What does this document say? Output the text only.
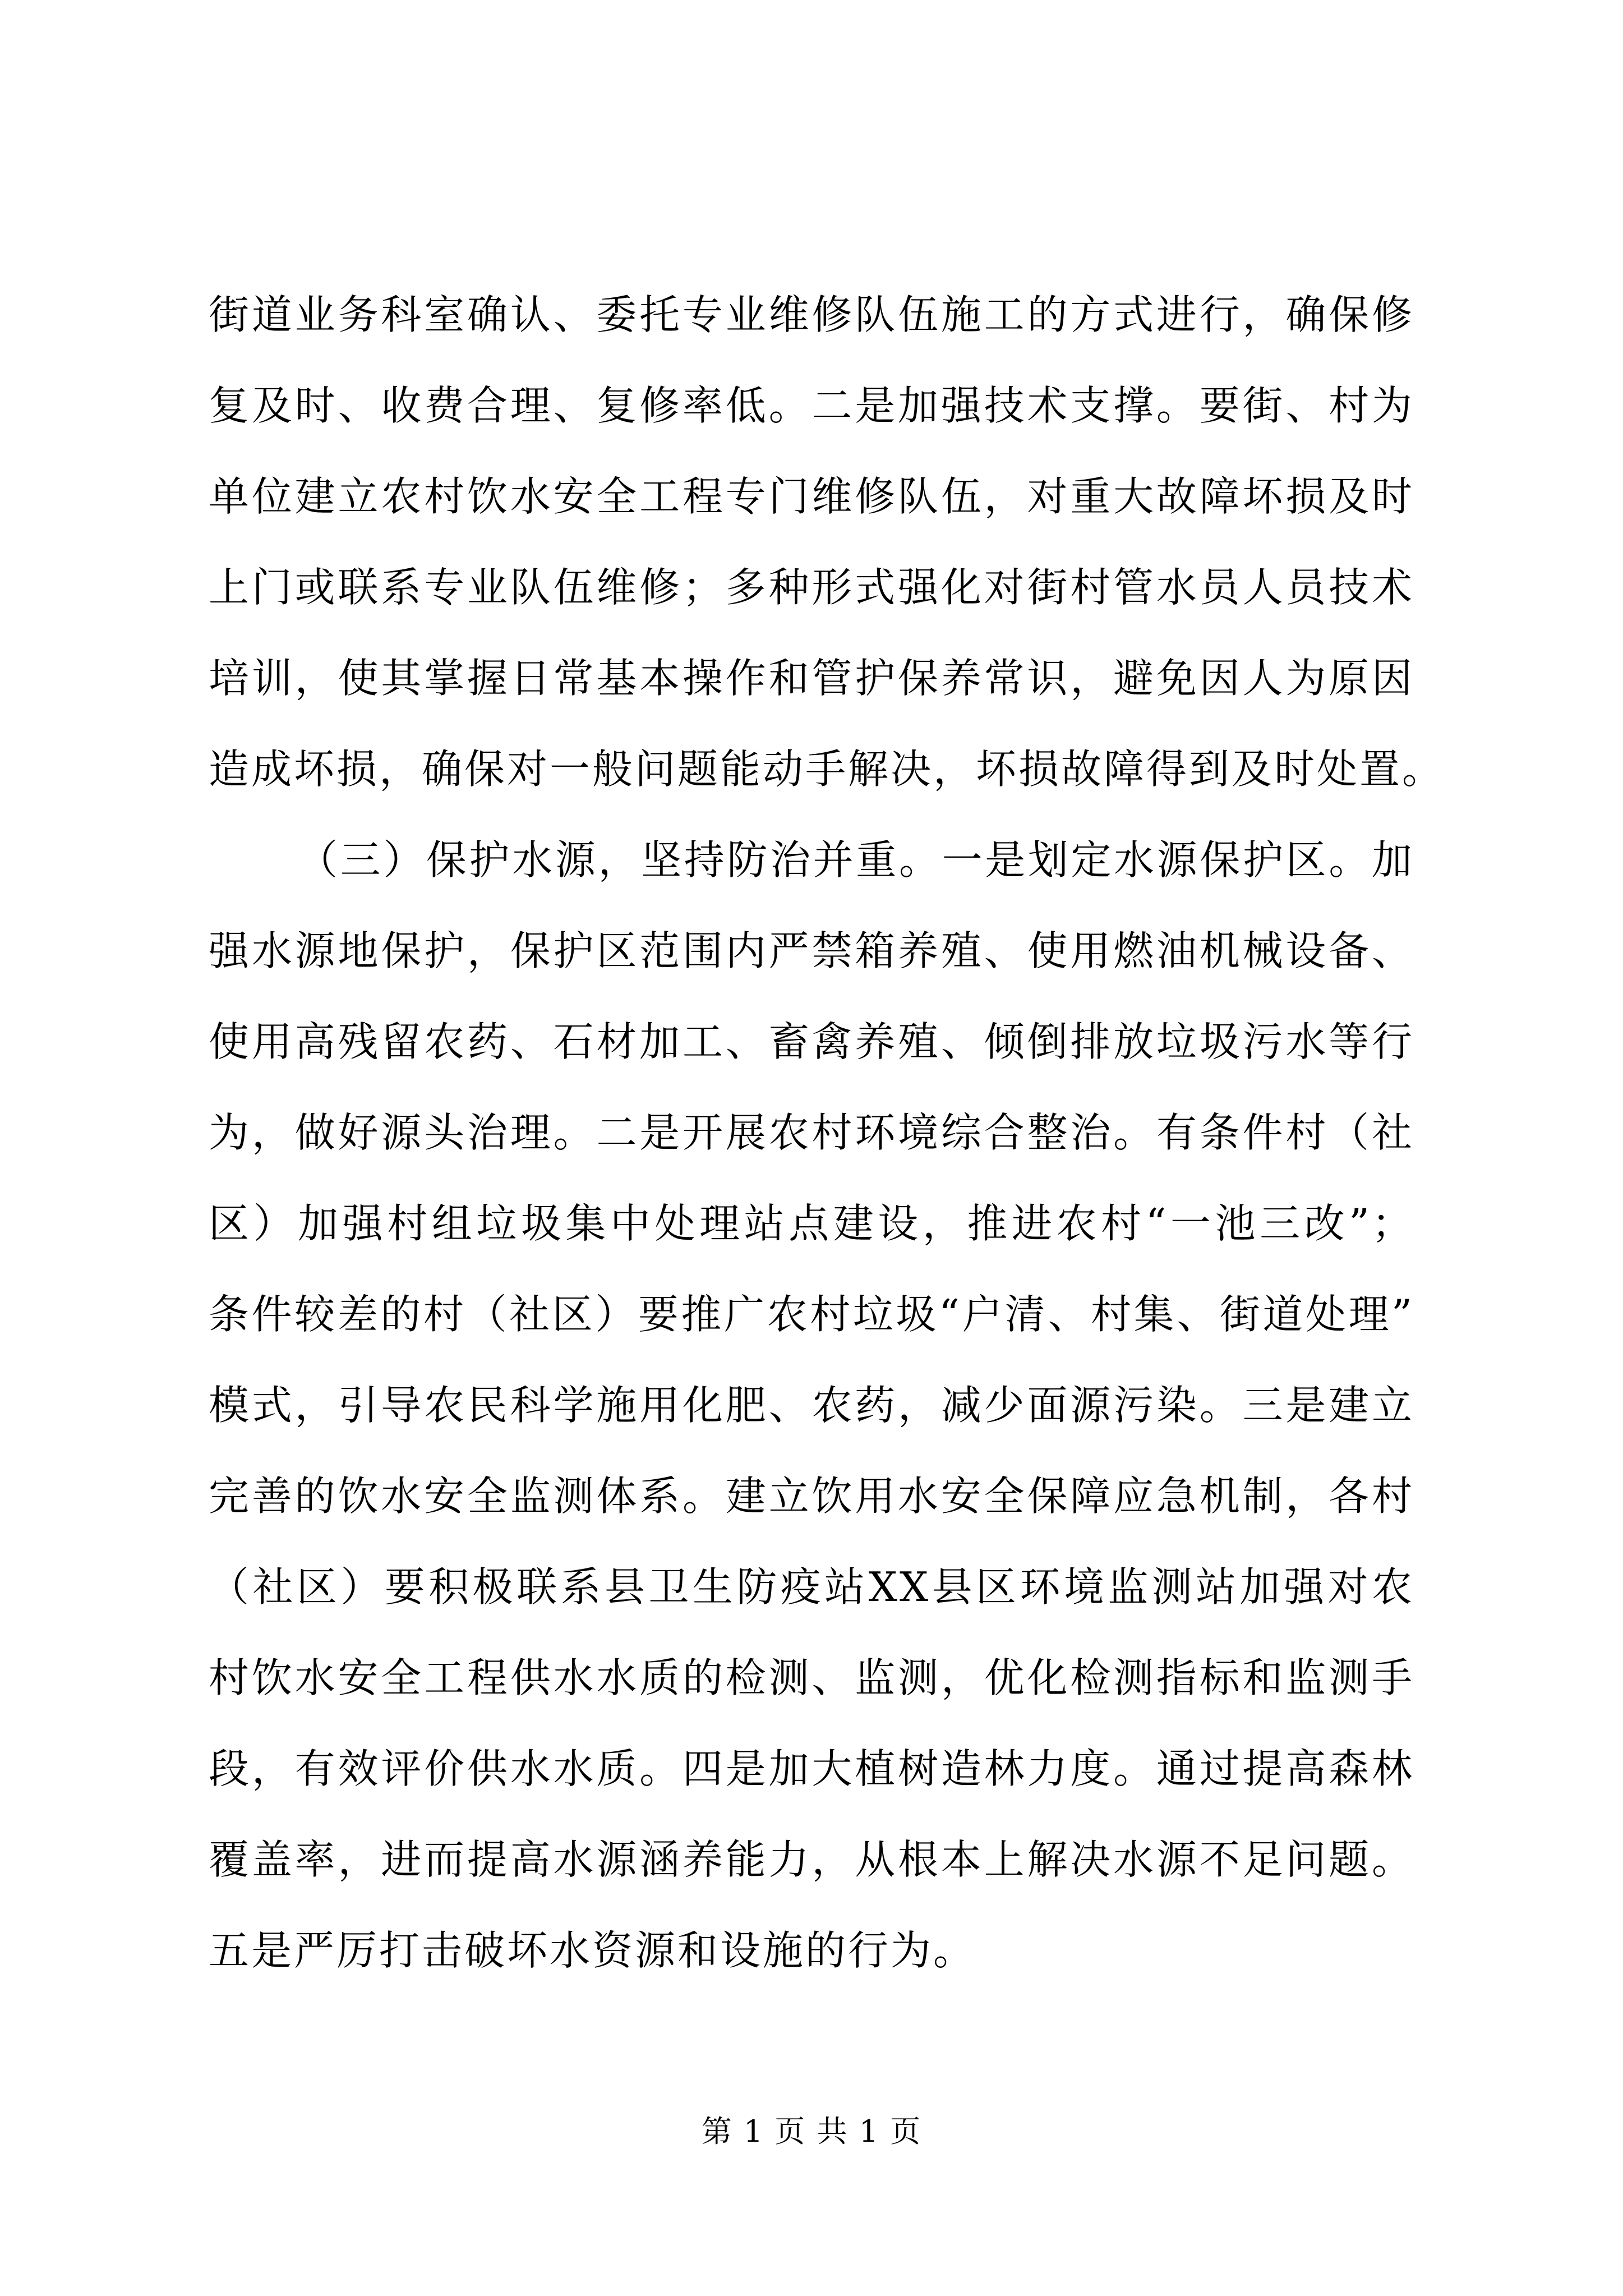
街道业务科室确认、委托专业维修队伍施工的方式进行，确保修
复及时、收费合理、复修率低。二是加强技术支撑。要街、村为
单位建立农村饮水安全工程专门维修队伍，对重大故障坏损及时
上门或联系专业队伍维修；多种形式强化对街村管水员人员技术
培训，使其掌握日常基本操作和管护保养常识，避免因人为原因
造成坏损，确保对一般问题能动手解决，坏损故障得到及时处置。
（三）保护水源，坚持防治并重。一是划定水源保护区。加
强水源地保护，保护区范围内严禁箱养殖、使用燃油机械设备、
使用高残留农药、石材加工、畜禽养殖、倾倒排放垃圾污水等行
为，做好源头治理。二是开展农村环境综合整治。有条件村（社
区）加强村组垃圾集中处理站点建设，推进农村“一池三改”；
条件较差的村（社区）要推广农村垃圾“户清、村集、街道处理”
模式，引导农民科学施用化肥、农药，减少面源污染。三是建立
完善的饮水安全监测体系。建立饮用水安全保障应急机制，各村
（社区）要积极联系县卫生防疫站XX县区环境监测站加强对农
村饮水安全工程供水水质的检测、监测，优化检测指标和监测手
段，有效评价供水水质。四是加大植树造林力度。通过提高森林
覆盖率，进而提高水源涵养能力，从根本上解决水源不足问题。
五是严厉打击破坏水资源和设施的行为。
第 1 页 共 1 页
